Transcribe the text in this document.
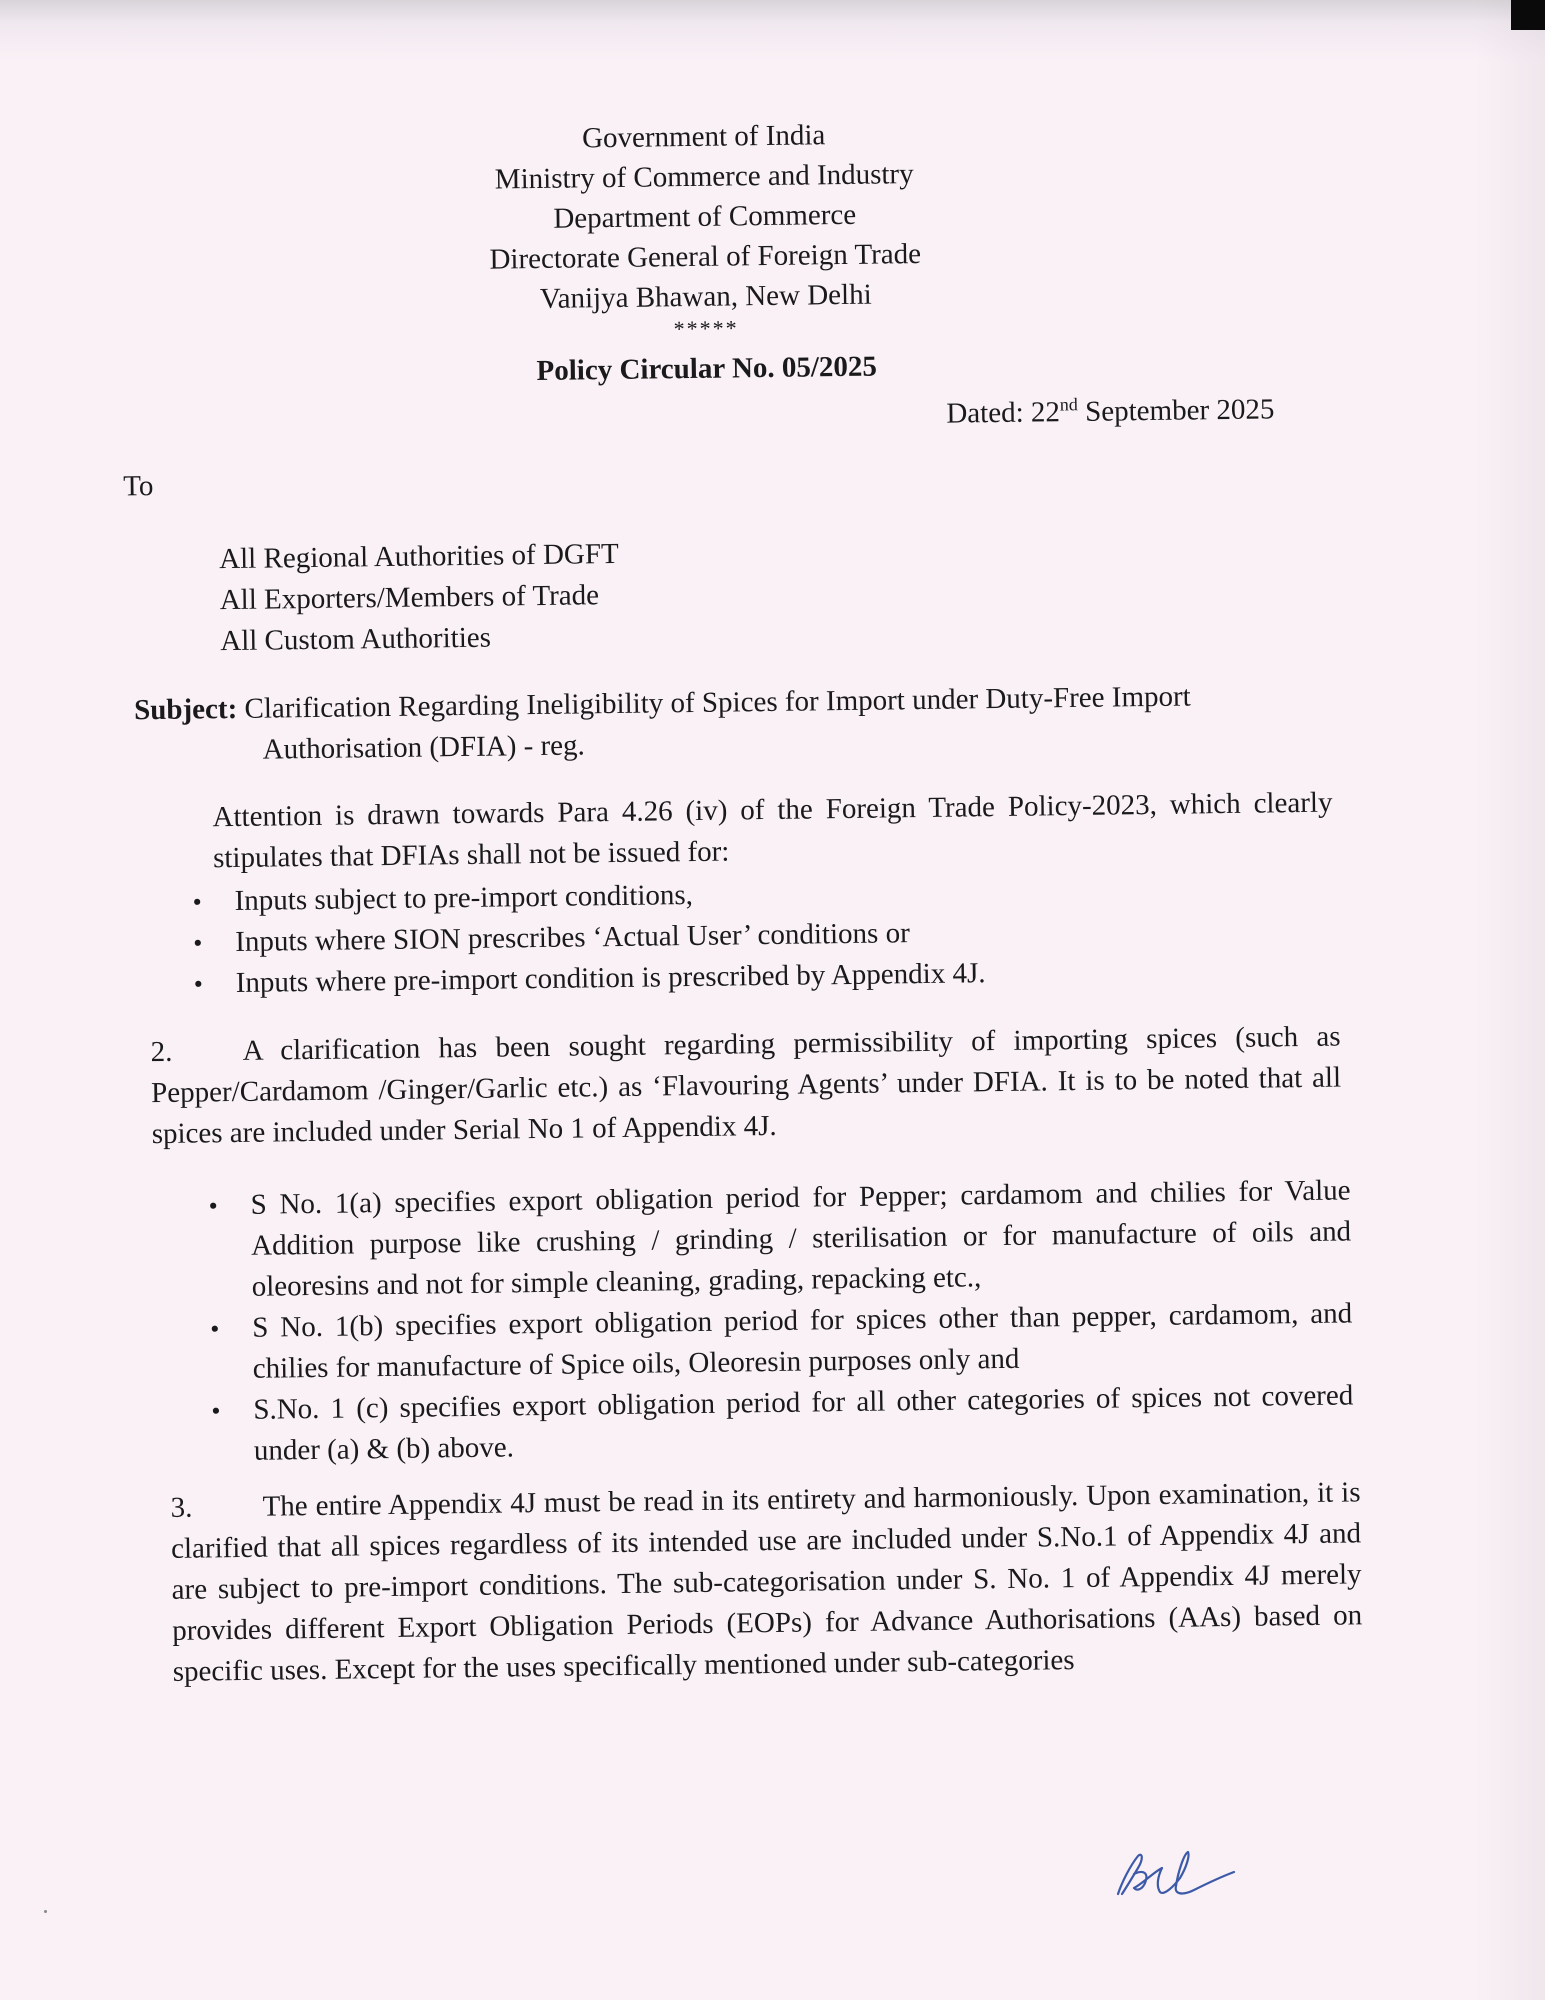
Government of India
Ministry of Commerce and Industry
Department of Commerce
Directorate General of Foreign Trade
Vanijya Bhawan, New Delhi
*****
Policy Circular No. 05/2025
Dated: 22nd September 2025
To
All Regional Authorities of DGFT
All Exporters/Members of Trade
All Custom Authorities
Subject: Clarification Regarding Ineligibility of Spices for Import under Duty-Free Import
Authorisation (DFIA) - reg.
Attention is drawn towards Para 4.26 (iv) of the Foreign Trade Policy-2023, which clearly stipulates that DFIAs shall not be issued for:
• Inputs subject to pre-import conditions,
• Inputs where SION prescribes ‘Actual User’ conditions or
• Inputs where pre-import condition is prescribed by Appendix 4J.
2. A clarification has been sought regarding permissibility of importing spices (such as Pepper/Cardamom /Ginger/Garlic etc.) as ‘Flavouring Agents’ under DFIA. It is to be noted that all spices are included under Serial No 1 of Appendix 4J.
• S No. 1(a) specifies export obligation period for Pepper; cardamom and chilies for Value Addition purpose like crushing / grinding / sterilisation or for manufacture of oils and oleoresins and not for simple cleaning, grading, repacking etc.,
• S No. 1(b) specifies export obligation period for spices other than pepper, cardamom, and chilies for manufacture of Spice oils, Oleoresin purposes only and
• S.No. 1 (c) specifies export obligation period for all other categories of spices not covered under (a) & (b) above.
3. The entire Appendix 4J must be read in its entirety and harmoniously. Upon examination, it is clarified that all spices regardless of its intended use are included under S.No.1 of Appendix 4J and are subject to pre-import conditions. The sub-categorisation under S. No. 1 of Appendix 4J merely provides different Export Obligation Periods (EOPs) for Advance Authorisations (AAs) based on specific uses. Except for the uses specifically mentioned under sub-categories
